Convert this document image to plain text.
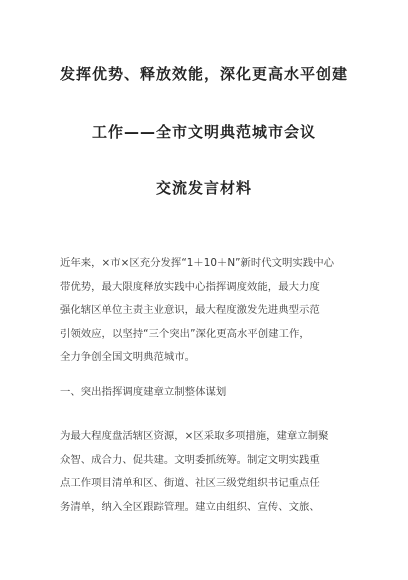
发挥优势、释放效能，深化更高水平创建
工作——全市文明典范城市会议
交流发言材料
近年来，×市×区充分发挥“1＋10＋N”新时代文明实践中心
带优势，最大限度释放实践中心指挥调度效能，最大力度
强化辖区单位主责主业意识，最大程度激发先进典型示范
引领效应，以坚持“三个突出”深化更高水平创建工作，
全力争创全国文明典范城市。
一、突出指挥调度建章立制整体谋划
为最大程度盘活辖区资源，×区采取多项措施，建章立制聚
众智、成合力、促共建。文明委抓统筹。制定文明实践重
点工作项目清单和区、街道、社区三级党组织书记重点任
务清单，纳入全区跟踪管理。建立由组织、宣传、文旅、
